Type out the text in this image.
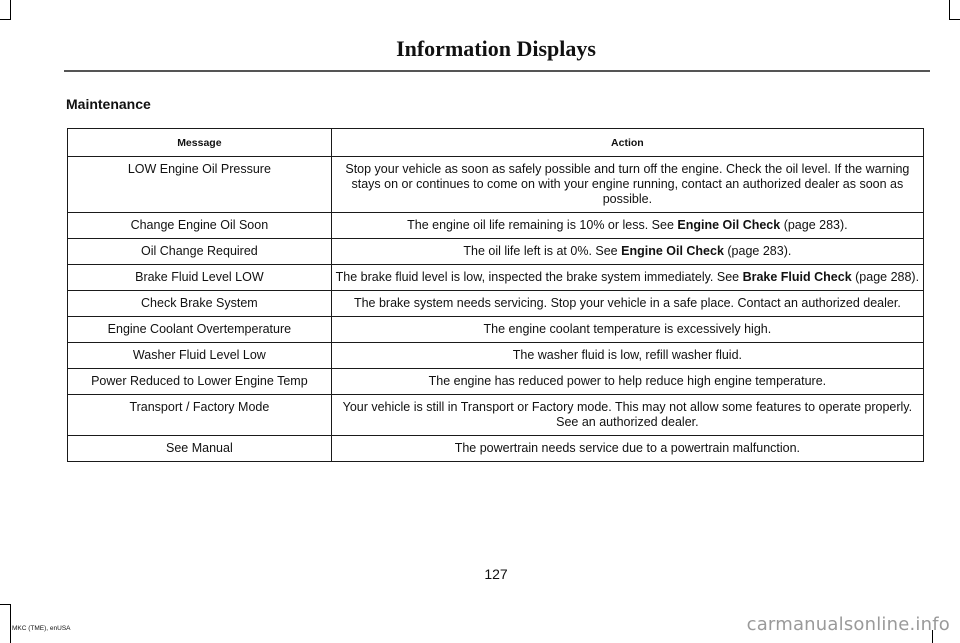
Information Displays
Maintenance
Message	Action
LOW Engine Oil Pressure	Stop your vehicle as soon as safely possible and turn off the engine. Check the oil level. If the warning stays on or continues to come on with your engine running, contact an authorized dealer as soon as possible.
Change Engine Oil Soon	The engine oil life remaining is 10% or less. See Engine Oil Check (page 283).
Oil Change Required	The oil life left is at 0%. See Engine Oil Check (page 283).
Brake Fluid Level LOW	The brake fluid level is low, inspected the brake system immediately. See Brake Fluid Check (page 288).
Check Brake System	The brake system needs servicing. Stop your vehicle in a safe place. Contact an authorized dealer.
Engine Coolant Overtemperature	The engine coolant temperature is excessively high.
Washer Fluid Level Low	The washer fluid is low, refill washer fluid.
Power Reduced to Lower Engine Temp	The engine has reduced power to help reduce high engine temperature.
Transport / Factory Mode	Your vehicle is still in Transport or Factory mode. This may not allow some features to operate properly. See an authorized dealer.
See Manual	The powertrain needs service due to a powertrain malfunction.
127
MKC (TME), enUSA	carmanualsonline.info
